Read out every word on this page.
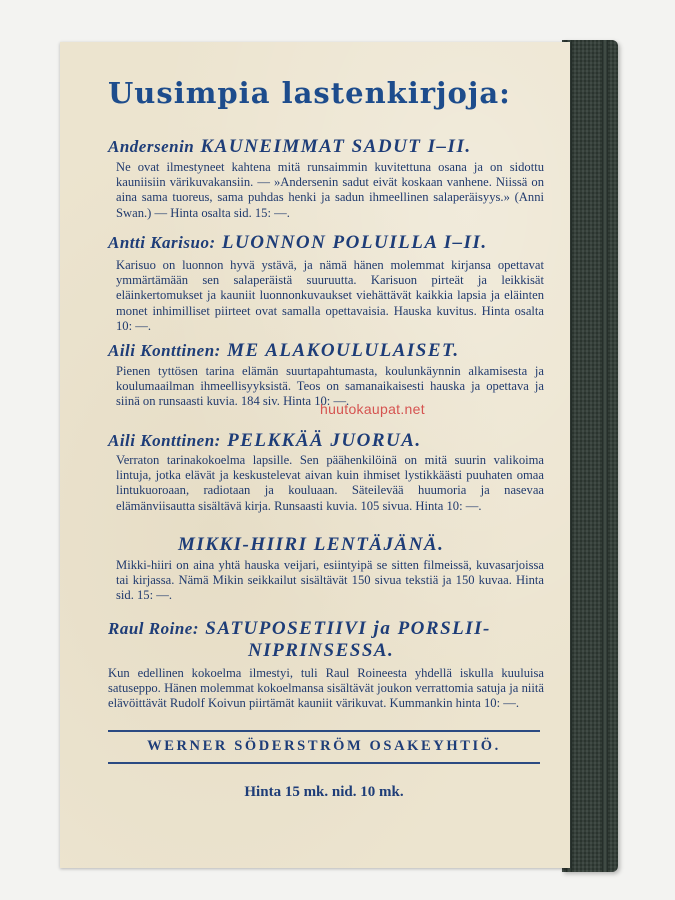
Uusimpia lastenkirjoja:
Andersenin KAUNEIMMAT SADUT I–II.
Ne ovat ilmestyneet kahtena mitä runsaimmin kuvitettuna osana ja on sidottu kauniisiin värikuvakansiin. — »Andersenin sadut eivät koskaan vanhene. Niissä on aina sama tuoreus, sama puhdas henki ja sadun ihmeellinen salaperäisyys.» (Anni Swan.) — Hinta osalta sid. 15: —.
Antti Karisuo: LUONNON POLUILLA I–II.
Karisuo on luonnon hyvä ystävä, ja nämä hänen molemmat kirjansa opettavat ymmärtämään sen salaperäistä suuruutta. Karisuon pirteät ja leikkisät eläinkertomukset ja kauniit luonnonkuvaukset viehättävät kaikkia lapsia ja eläinten monet inhimilliset piirteet ovat samalla opettavaisia. Hauska kuvitus. Hinta osalta 10: —.
Aili Konttinen: ME ALAKOULULAISET.
Pienen tyttösen tarina elämän suurtapahtumasta, koulunkäynnin alkamisesta ja koulumaailman ihmeellisyyksistä. Teos on samanaikaisesti hauska ja opettava ja siinä on runsaasti kuvia. 184 siv. Hinta 10: —.
Aili Konttinen: PELKKÄÄ JUORUA.
Verraton tarinakokoelma lapsille. Sen päähenkilöinä on mitä suurin valikoima lintuja, jotka elävät ja keskustelevat aivan kuin ihmiset lystikkäästi puuhaten omaa lintukuoroaan, radiotaan ja kouluaan. Säteilevää huumoria ja nasevaa elämänviisautta sisältävä kirja. Runsaasti kuvia. 105 sivua. Hinta 10: —.
MIKKI-HIIRI LENTÄJÄNÄ.
Mikki-hiiri on aina yhtä hauska veijari, esiintyipä se sitten filmeissä, kuvasarjoissa tai kirjassa. Nämä Mikin seikkailut sisältävät 150 sivua tekstiä ja 150 kuvaa. Hinta sid. 15: —.
Raul Roine: SATUPOSETIIVI ja PORSLII-
NIPRINSESSA.
Kun edellinen kokoelma ilmestyi, tuli Raul Roineesta yhdellä iskulla kuuluisa satuseppo. Hänen molemmat kokoelmansa sisältävät joukon verrattomia satuja ja niitä elävöittävät Rudolf Koivun piirtämät kauniit värikuvat. Kummankin hinta 10: —.
WERNER SÖDERSTRÖM OSAKEYHTIÖ.
Hinta 15 mk. nid. 10 mk.
huutokaupat.net
